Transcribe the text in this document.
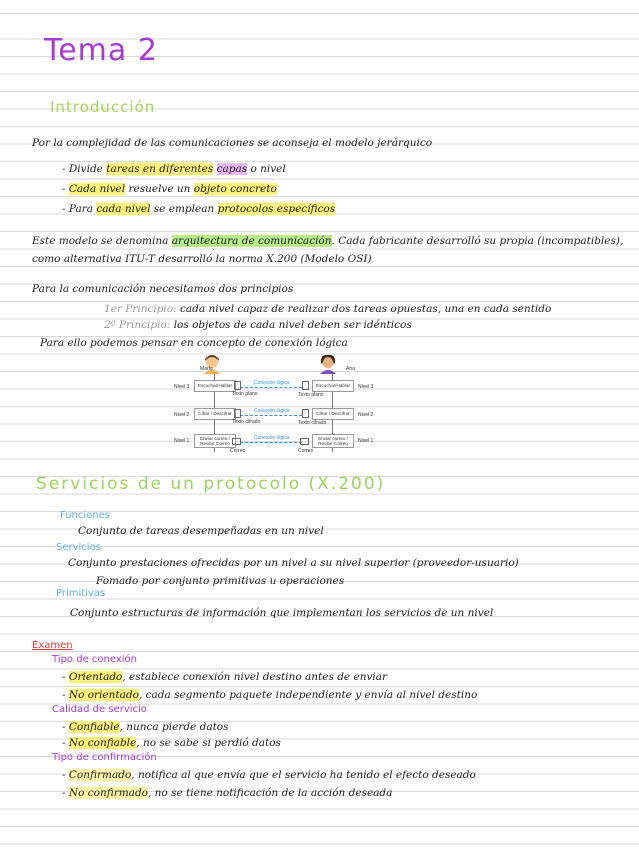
Tema 2
Introducción
Por la complejidad de las comunicaciones se aconseja el modelo jerárquico
- Divide tareas en diferentes capas o nivel
- Cada nivel resuelve un objeto concreto
- Para cada nivel se emplean protocolos específicos
Este modelo se denomina arquitectura de comunicación. Cada fabricante desarrolló su propia (incompatibles),
como alternativa ITU-T desarrolló la norma X.200 (Modelo OSI)
Para la comunicación necesitamos dos principios
1er Principio: cada nivel capaz de realizar dos tareas opuestas, una en cada sentido
2º Principio: los objetos de cada nivel deben ser idénticos
Para ello podemos pensar en concepto de conexión lógica
Marta	Ana
Nivel 3	Escuchar/Hablar	Conexión lógica	Escuchar/Hablar	Nivel 3
Texto plano	Texto plano
Nivel 2	Cifrar / Descifrar	Conexión lógica	Cifrar / Descifrar	Nivel 2
Texto cifrado	Texto cifrado
Nivel 1	Enviar correo / Recibir Correo
Conexión lógica	Enviar correo / Recibir Correo	Nivel 1
Correo	Correo
Servicios de un protocolo (X.200)
Funciones
Conjunto de tareas desempeñadas en un nivel
Servicios
Conjunto prestaciones ofrecidas por un nivel a su nivel superior (proveedor-usuario)
Fomado por conjunto primitivas u operaciones
Primitivas
Conjunto estructuras de información que implementan los servicios de un nivel
Examen
Tipo de conexión
- Orientado, establece conexión nivel destino antes de enviar
- No orientado, cada segmento paquete independiente y envía al nivel destino
Calidad de servicio
- Confiable, nunca pierde datos
- No confiable, no se sabe si perdió datos
Tipo de confirmación
- Confirmado, notifica al que envía que el servicio ha tenido el efecto deseado
- No confirmado, no se tiene notificación de la acción deseada
